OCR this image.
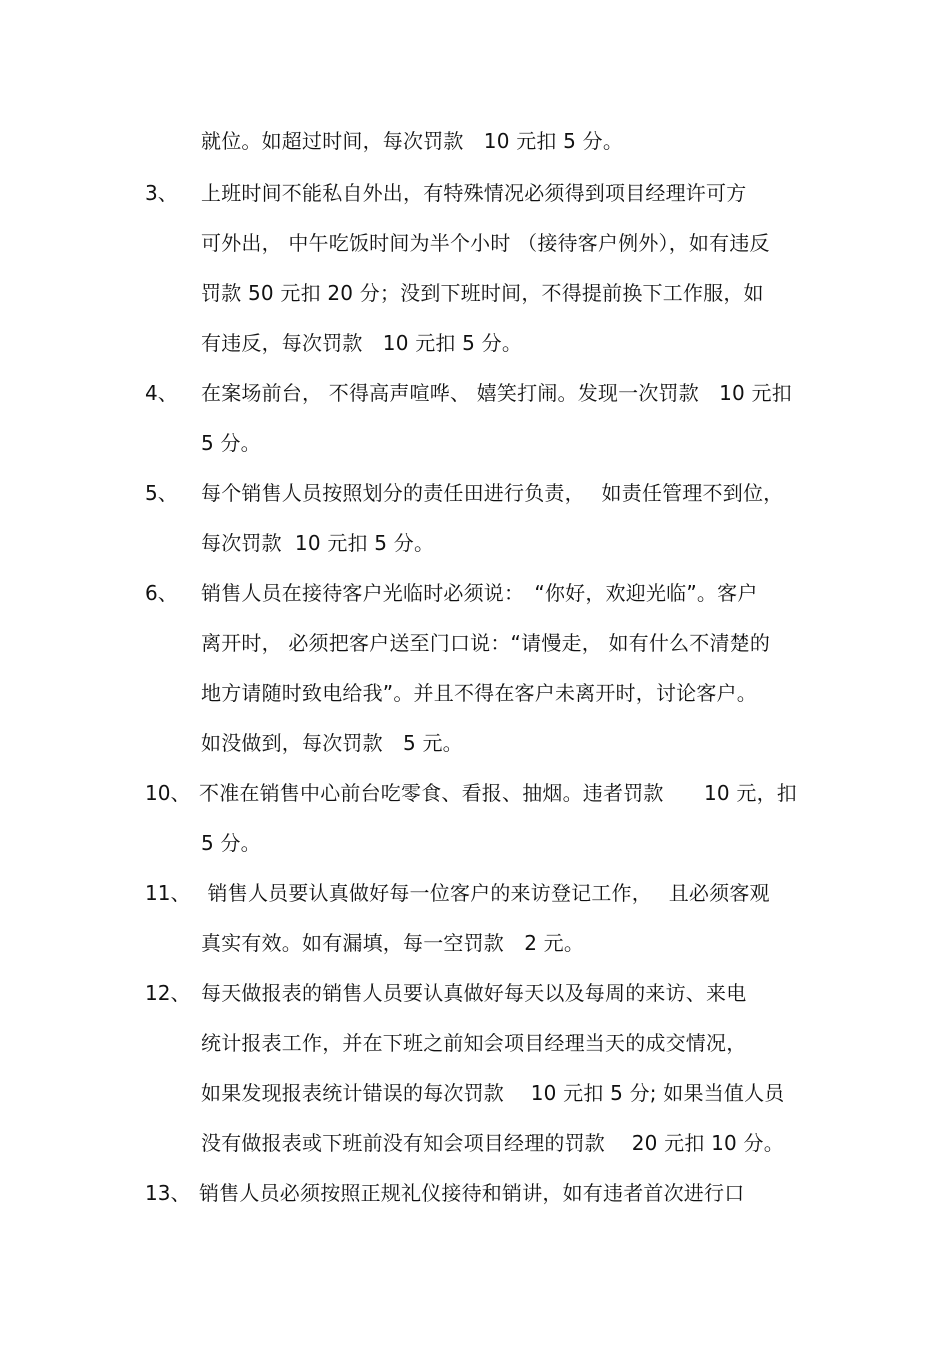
就位。如超过时间，每次罚款　10 元扣 5 分。
3、 上班时间不能私自外出，有特殊情况必须得到项目经理许可方
可外出， 中午吃饭时间为半个小时 （接待客户例外），如有违反
罚款 50 元扣 20 分；没到下班时间，不得提前换下工作服，如
有违反，每次罚款　10 元扣 5 分。
4、 在案场前台， 不得高声喧哗、 嬉笑打闹。发现一次罚款　10 元扣
5 分。
5、 每个销售人员按照划分的责任田进行负责，　 如责任管理不到位，
每次罚款  10 元扣 5 分。
6、 销售人员在接待客户光临时必须说：　“你好，欢迎光临”。客户
离开时， 必须把客户送至门口说：“请慢走， 如有什么不清楚的
地方请随时致电给我”。并且不得在客户未离开时，讨论客户。
如没做到，每次罚款　5 元。
10、 不准在销售中心前台吃零食、看报、抽烟。违者罚款　　10 元，扣
5 分。
11、 销售人员要认真做好每一位客户的来访登记工作，　 且必须客观
真实有效。如有漏填，每一空罚款　2 元。
12、 每天做报表的销售人员要认真做好每天以及每周的来访、来电
统计报表工作，并在下班之前知会项目经理当天的成交情况，
如果发现报表统计错误的每次罚款　 10 元扣 5 分; 如果当值人员
没有做报表或下班前没有知会项目经理的罚款　 20 元扣 10 分。
13、 销售人员必须按照正规礼仪接待和销讲，如有违者首次进行口
